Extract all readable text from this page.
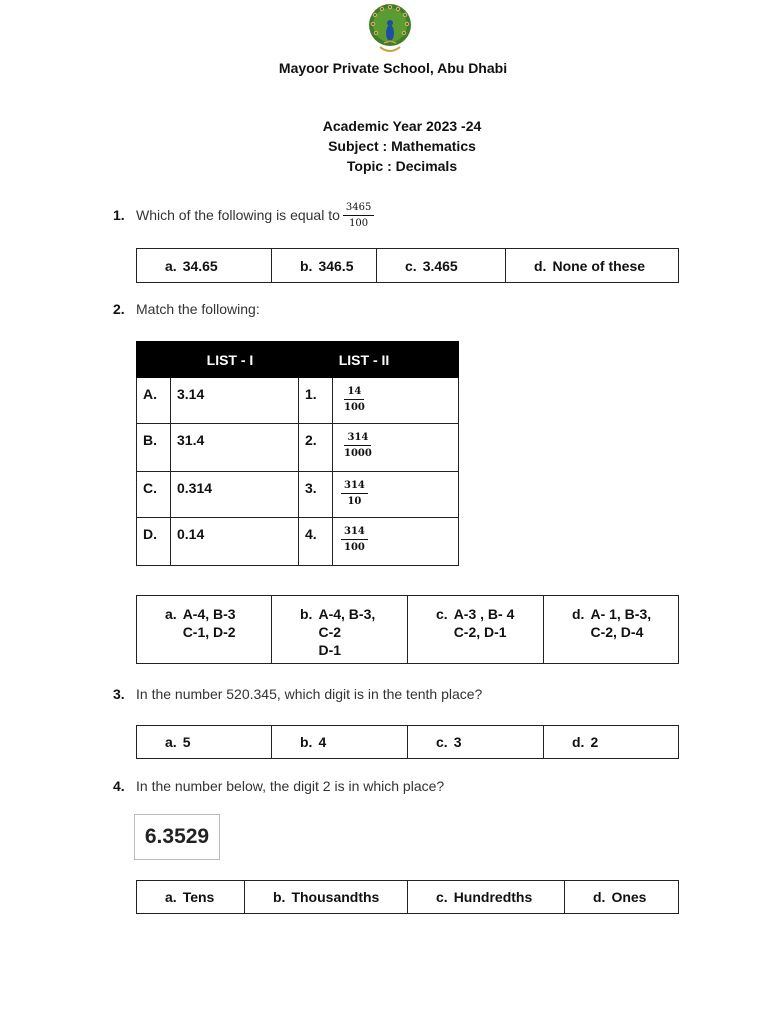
Mayoor Private School, Abu Dhabi
Academic Year 2023 -24
Subject : Mathematics
Topic : Decimals
1. Which of the following is equal to $\frac{3465}{100}$
a. 34.65	b. 346.5	c. 3.465	d. None of these
2. Match the following:
LIST - I		LIST - II	
A.	3.14	1.	$\frac{14}{100}$

B.	31.4	2.	$\frac{314}{1000}$

C.	0.314	3.	$\frac{314}{10}$

D.	0.14	4.	$\frac{314}{100}$
a. A-4, B-3
C-1, D-2

b. A-4, B-3,
C-2
D-1

c. A-3 , B- 4
C-2, D-1

d. A- 1, B-3,
C-2, D-4
3. In the number 520.345, which digit is in the tenth place?
a. 5	b. 4	c. 3	d. 2
4. In the number below, the digit 2 is in which place?
6.3529
a. Tens	b. Thousandths	c. Hundredths	d. Ones
